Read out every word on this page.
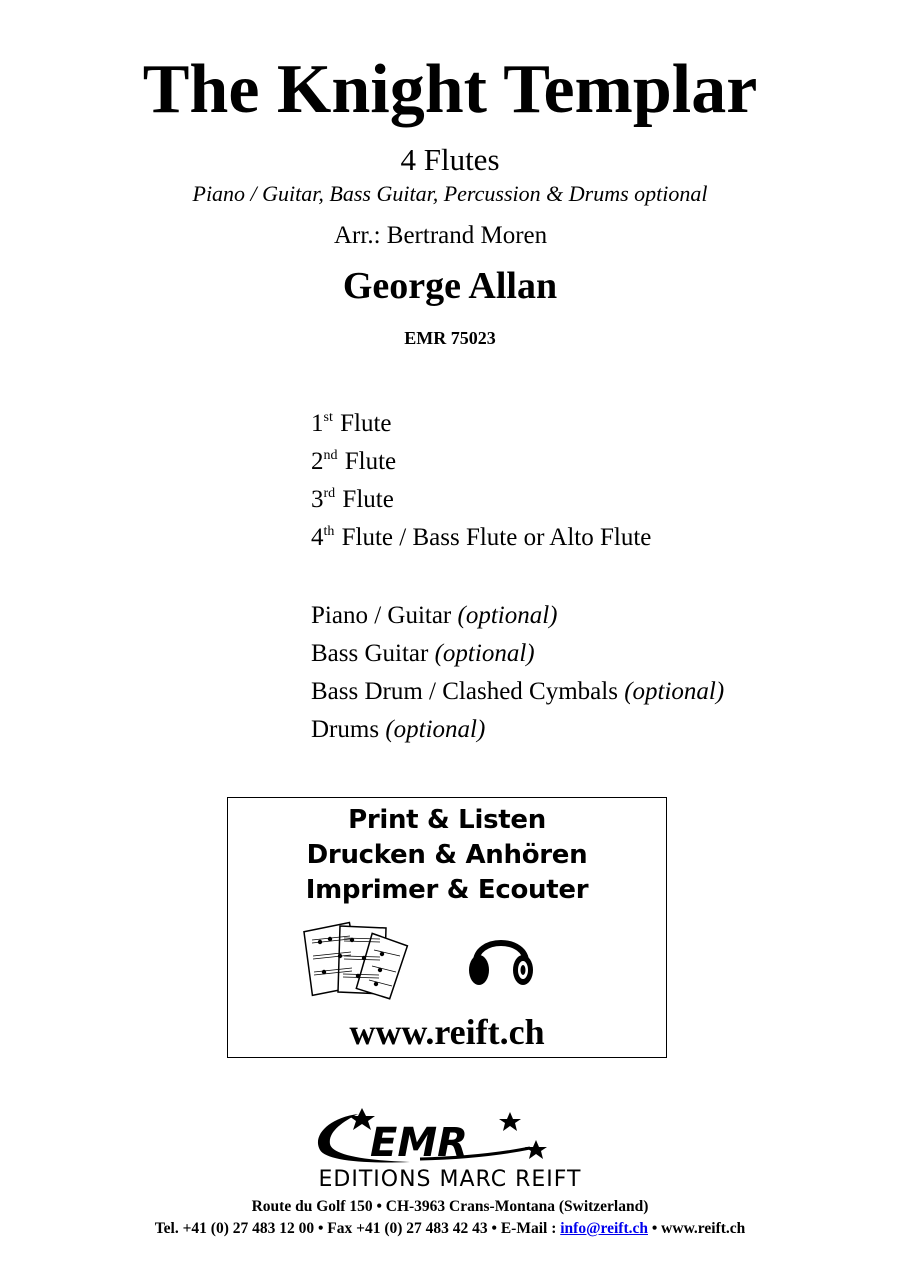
The Knight Templar
4 Flutes
Piano / Guitar, Bass Guitar, Percussion & Drums optional
Arr.: Bertrand Moren
George Allan
EMR 75023
1st Flute
2nd Flute
3rd Flute
4th Flute / Bass Flute or Alto Flute
Piano / Guitar (optional)
Bass Guitar (optional)
Bass Drum / Clashed Cymbals (optional)
Drums (optional)
Print & Listen
Drucken & Anhören
Imprimer & Ecouter
www.reift.ch
EMR
EDITIONS MARC REIFT
Route du Golf 150 • CH-3963 Crans-Montana (Switzerland)
Tel. +41 (0) 27 483 12 00 • Fax +41 (0) 27 483 42 43 • E-Mail : info@reift.ch • www.reift.ch
